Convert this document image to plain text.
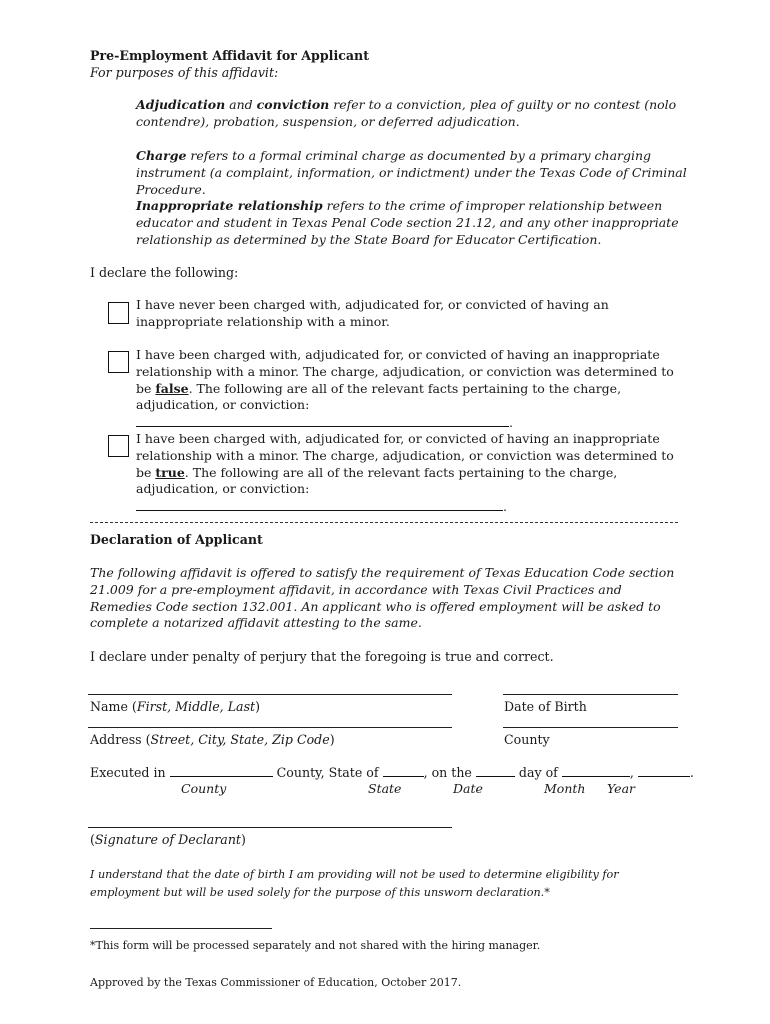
Pre-Employment Affidavit for Applicant
For purposes of this affidavit:
Adjudication and conviction refer to a conviction, plea of guilty or no contest (nolo contendre), probation, suspension, or deferred adjudication.
Charge refers to a formal criminal charge as documented by a primary charging instrument (a complaint, information, or indictment) under the Texas Code of Criminal Procedure.
Inappropriate relationship refers to the crime of improper relationship between educator and student in Texas Penal Code section 21.12, and any other inappropriate relationship as determined by the State Board for Educator Certification.
I declare the following:
I have never been charged with, adjudicated for, or convicted of having an inappropriate relationship with a minor.
I have been charged with, adjudicated for, or convicted of having an inappropriate relationship with a minor. The charge, adjudication, or conviction was determined to be false. The following are all of the relevant facts pertaining to the charge, adjudication, or conviction: .
I have been charged with, adjudicated for, or convicted of having an inappropriate relationship with a minor. The charge, adjudication, or conviction was determined to be true. The following are all of the relevant facts pertaining to the charge, adjudication, or conviction: .
Declaration of Applicant
The following affidavit is offered to satisfy the requirement of Texas Education Code section 21.009 for a pre-employment affidavit, in accordance with Texas Civil Practices and Remedies Code section 132.001. An applicant who is offered employment will be asked to complete a notarized affidavit attesting to the same.
I declare under penalty of perjury that the foregoing is true and correct.
Name (First, Middle, Last)	Date of Birth
Address (Street, City, State, Zip Code)	County
Executed in	County, State of	, on the	day of	,	.
County	State	Date	Month Year
(Signature of Declarant)
I understand that the date of birth I am providing will not be used to determine eligibility for employment but will be used solely for the purpose of this unsworn declaration.*
*This form will be processed separately and not shared with the hiring manager.
Approved by the Texas Commissioner of Education, October 2017.
